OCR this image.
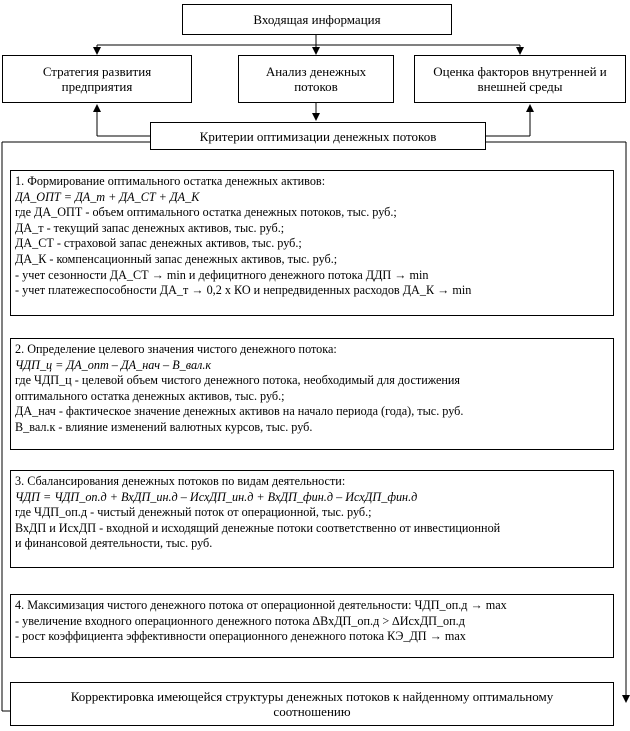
Входящая информация
Стратегия развития
предприятия
Анализ денежных
потоков
Оценка факторов внутренней и
внешней среды
Критерии оптимизации денежных потоков
1. Формирование оптимального остатка денежных активов:
ДА_ОПТ = ДА_т + ДА_СТ + ДА_К
где ДА_ОПТ - объем оптимального остатка денежных потоков, тыс. руб.;
ДА_т - текущий запас денежных активов, тыс. руб.;
ДА_СТ - страховой запас денежных активов, тыс. руб.;
ДА_К - компенсационный запас денежных активов, тыс. руб.;
- учет сезонности ДА_СТ → min и дефицитного денежного потока ДДП → min
- учет платежеспособности ДА_т → 0,2 х КО и непредвиденных расходов ДА_К → min
2. Определение целевого значения чистого денежного потока:
ЧДП_ц = ДА_опт – ДА_нач – В_вал.к
где ЧДП_ц - целевой объем чистого денежного потока, необходимый для достижения
оптимального остатка денежных активов, тыс. руб.;
ДА_нач - фактическое значение денежных активов на начало периода (года), тыс. руб.
В_вал.к - влияние изменений валютных курсов, тыс. руб.
3. Сбалансирования денежных потоков по видам деятельности:
ЧДП = ЧДП_оп.д + ВхДП_ин.д – ИсхДП_ин.д + ВхДП_фин.д – ИсхДП_фин.д
где ЧДП_оп.д - чистый денежный поток от операционной, тыс. руб.;
ВхДП и ИсхДП - входной и исходящий денежные потоки соответственно от инвестиционной
и финансовой деятельности, тыс. руб.
4. Максимизация чистого денежного потока от операционной деятельности: ЧДП_оп.д → max
- увеличение входного операционного денежного потока ∆ВхДП_оп.д > ∆ИсхДП_оп.д
- рост коэффициента эффективности операционного денежного потока КЭ_ДП → max
Корректировка имеющейся структуры денежных потоков к найденному оптимальному
соотношению
